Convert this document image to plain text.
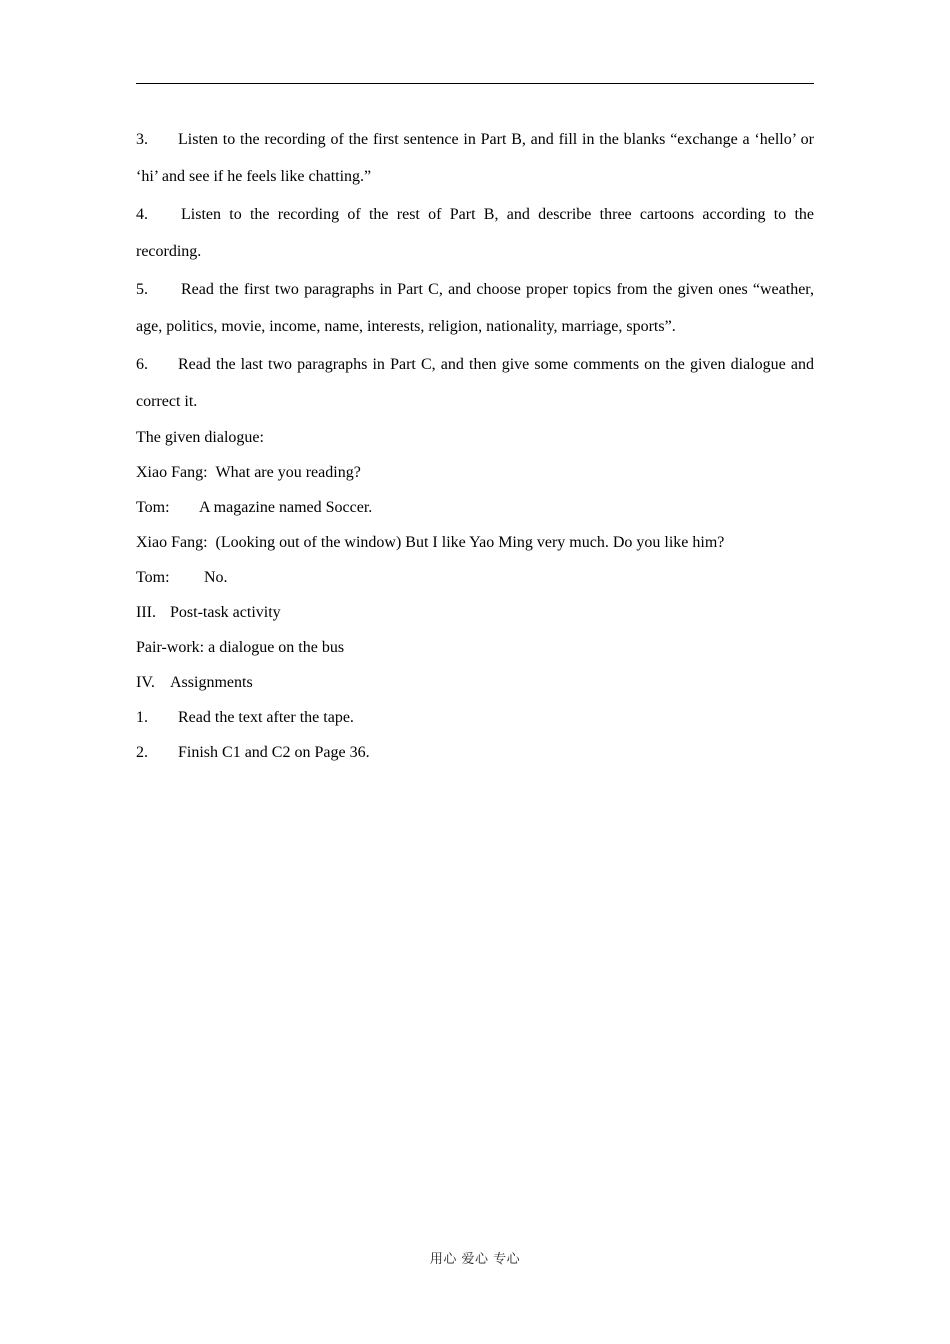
3. Listen to the recording of the first sentence in Part B, and fill in the blanks “exchange a ‘hello’ or ‘hi’ and see if he feels like chatting.”

4. Listen to the recording of the rest of Part B, and describe three cartoons according to the recording.

5. Read the first two paragraphs in Part C, and choose proper topics from the given ones “weather, age, politics, movie, income, name, interests, religion, nationality, marriage, sports”.

6. Read the last two paragraphs in Part C, and then give some comments on the given dialogue and correct it.

The given dialogue:

Xiao Fang: What are you reading?

Tom: A magazine named Soccer.

Xiao Fang: (Looking out of the window) But I like Yao Ming very much. Do you like him?

Tom: No.

III. Post-task activity

Pair-work: a dialogue on the bus

IV. Assignments

1. Read the text after the tape.

2. Finish C1 and C2 on Page 36.

用心 爱心 专心
